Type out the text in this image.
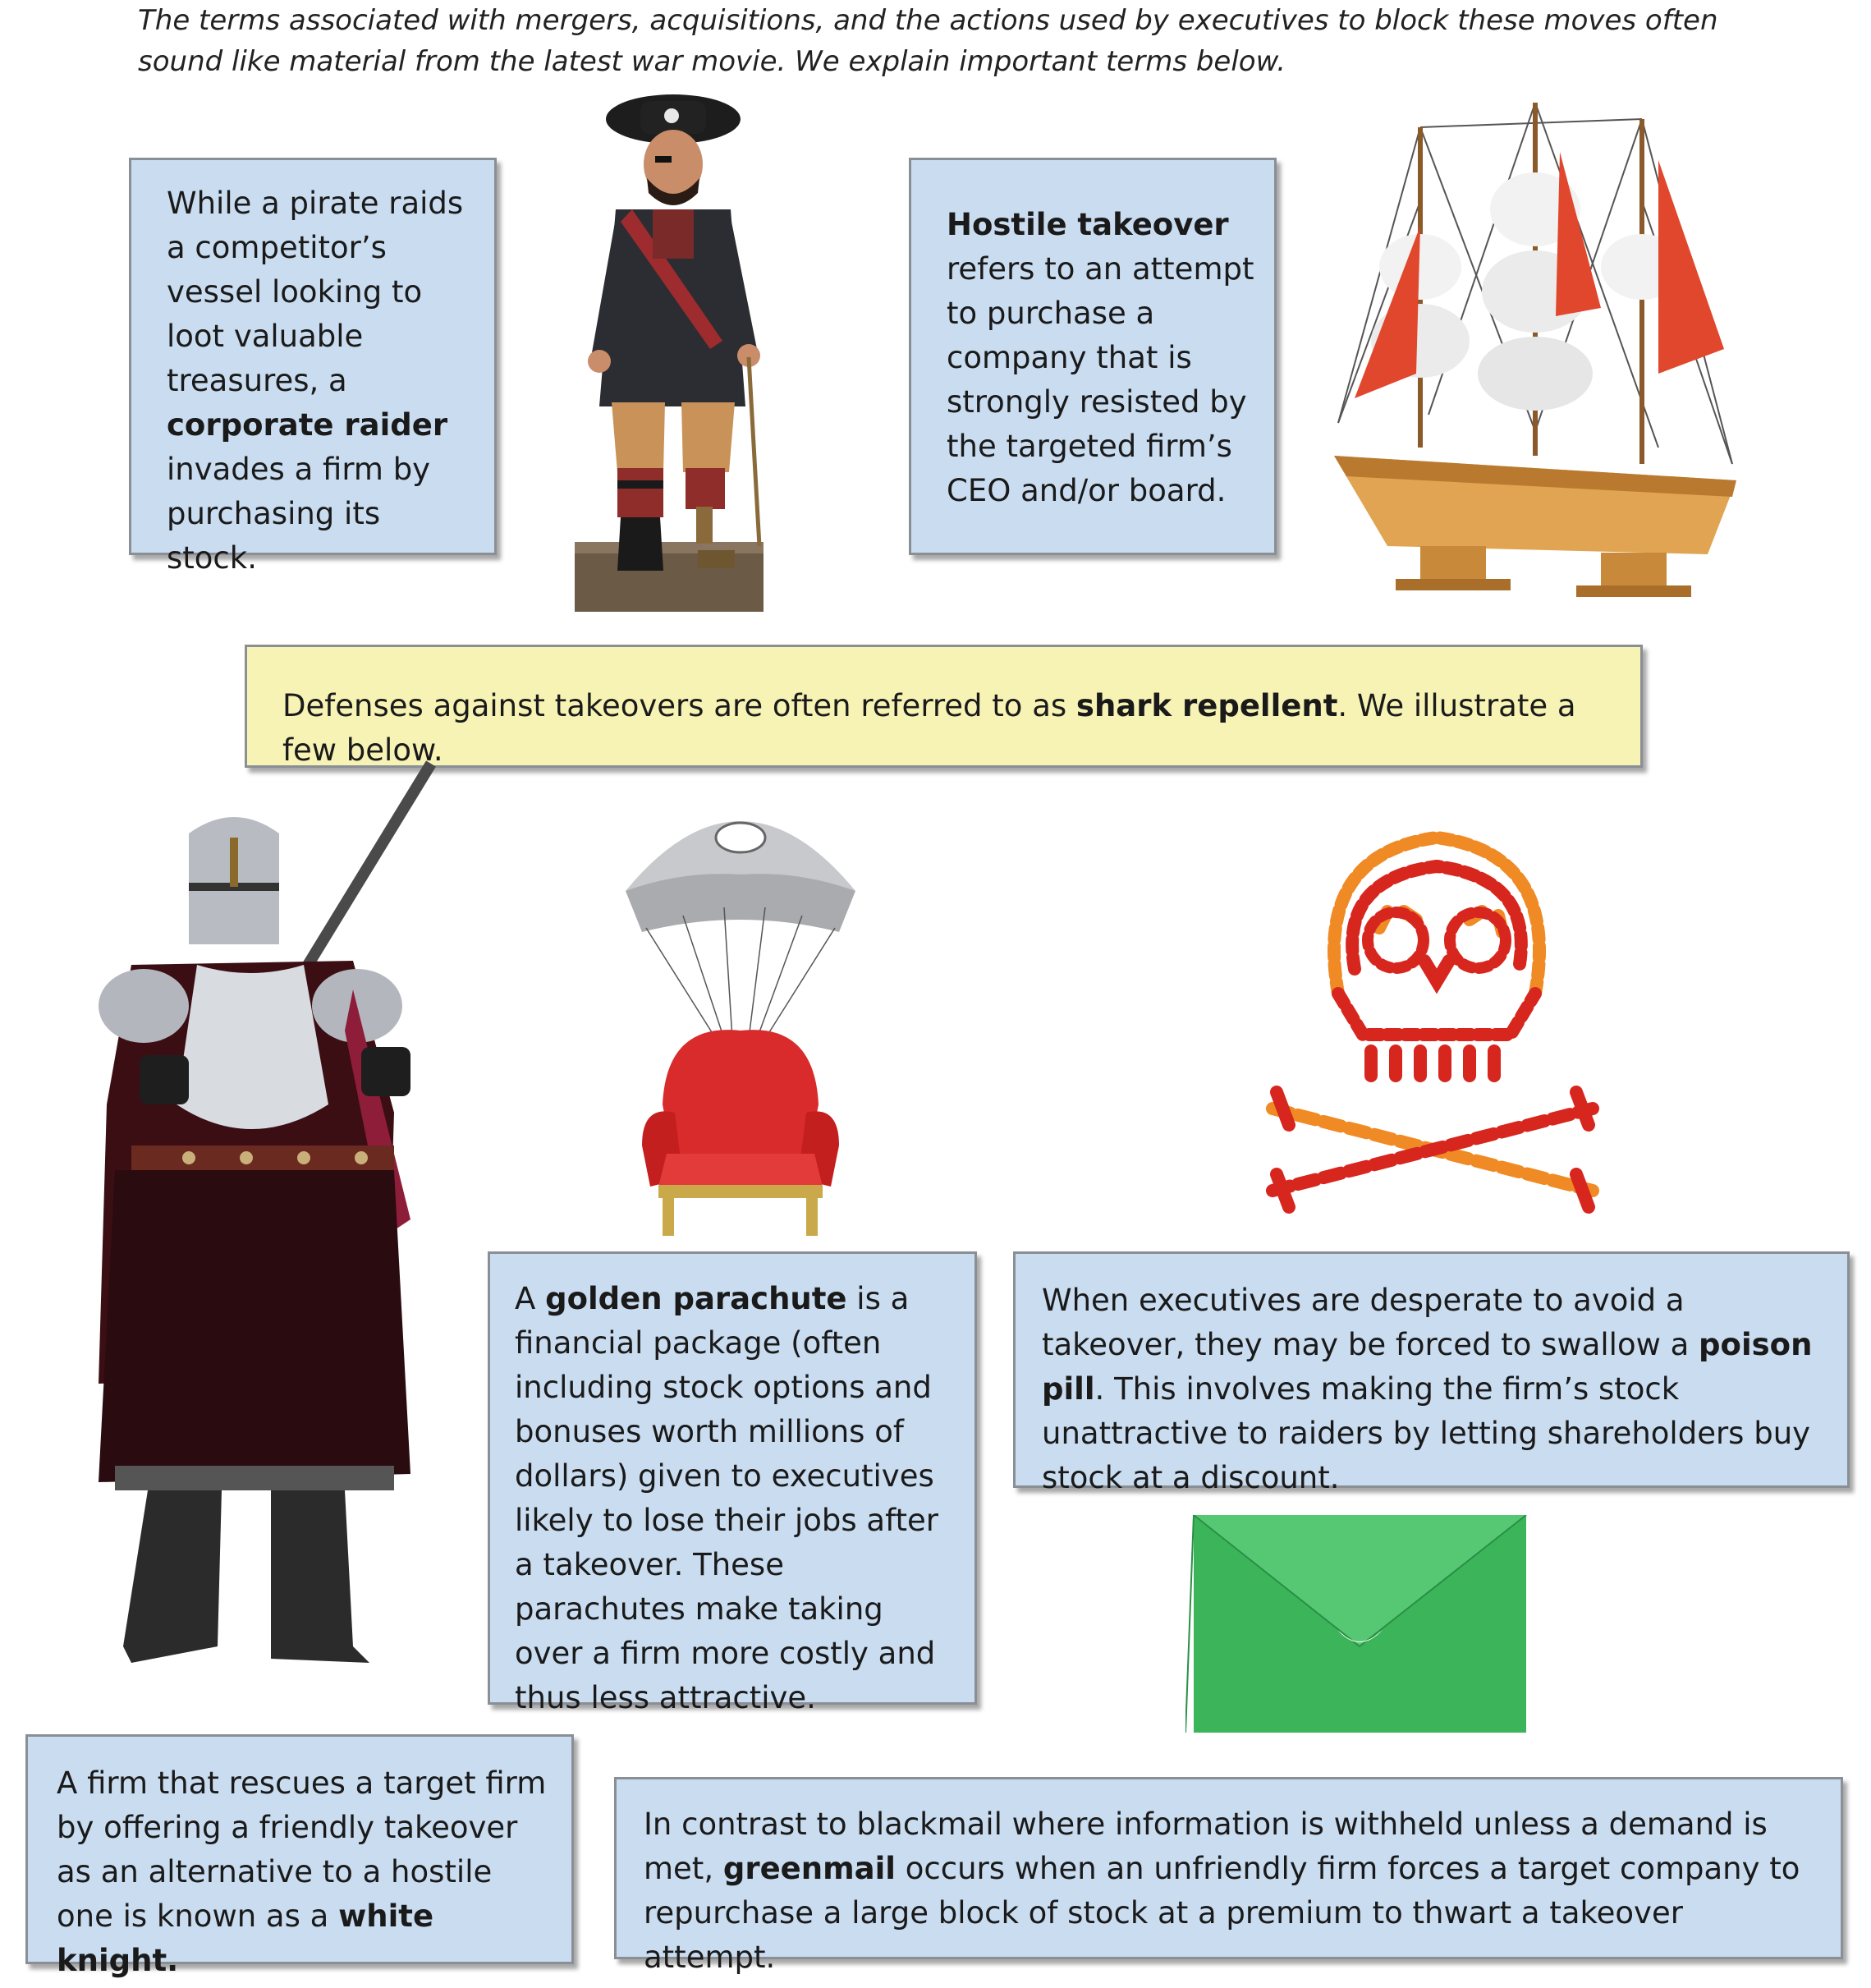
The terms associated with mergers, acquisitions, and the actions used by executives to block these moves often sound like material from the latest war movie. We explain important terms below.
While a pirate raids a competitor’s vessel looking to loot valuable treasures, a corporate raider invades a firm by purchasing its stock.
Hostile takeover refers to an attempt to purchase a company that is strongly resisted by the targeted firm’s CEO and/or board.
Defenses against takeovers are often referred to as shark repellent. We illustrate a few below.
A golden parachute is a financial package (often including stock options and bonuses worth millions of dollars) given to executives likely to lose their jobs after a takeover. These parachutes make taking over a firm more costly and thus less attractive.
When executives are desperate to avoid a takeover, they may be forced to swallow a poison pill. This involves making the firm’s stock unattractive to raiders by letting shareholders buy stock at a discount.
A firm that rescues a target firm by offering a friendly takeover as an alternative to a hostile one is known as a white knight.
In contrast to blackmail where information is withheld unless a demand is met, greenmail occurs when an unfriendly firm forces a target company to repurchase a large block of stock at a premium to thwart a takeover attempt.
